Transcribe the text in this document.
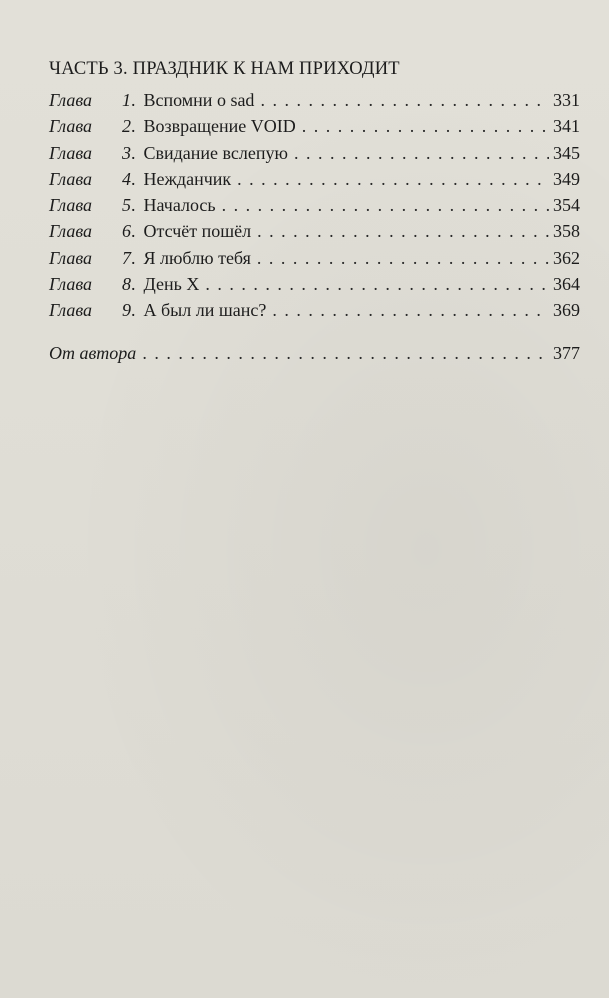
ЧАСТЬ 3. ПРАЗДНИК К НАМ ПРИХОДИТ
Глава	1 . Вспомни о sad . . .	331
Глава	2 . Возвращение VOID . . .	341
Глава	3 . Свидание вслепую . . .	345
Глава	4 . Нежданчик . . .	349
Глава	5 . Началось . . .	354
Глава	6 . Отсчёт пошёл . . .	358
Глава	7 . Я люблю тебя . . .	362
Глава	8 . День Х . . .	364
Глава	9 . А был ли шанс? . . .	369
От автора . . .	377
